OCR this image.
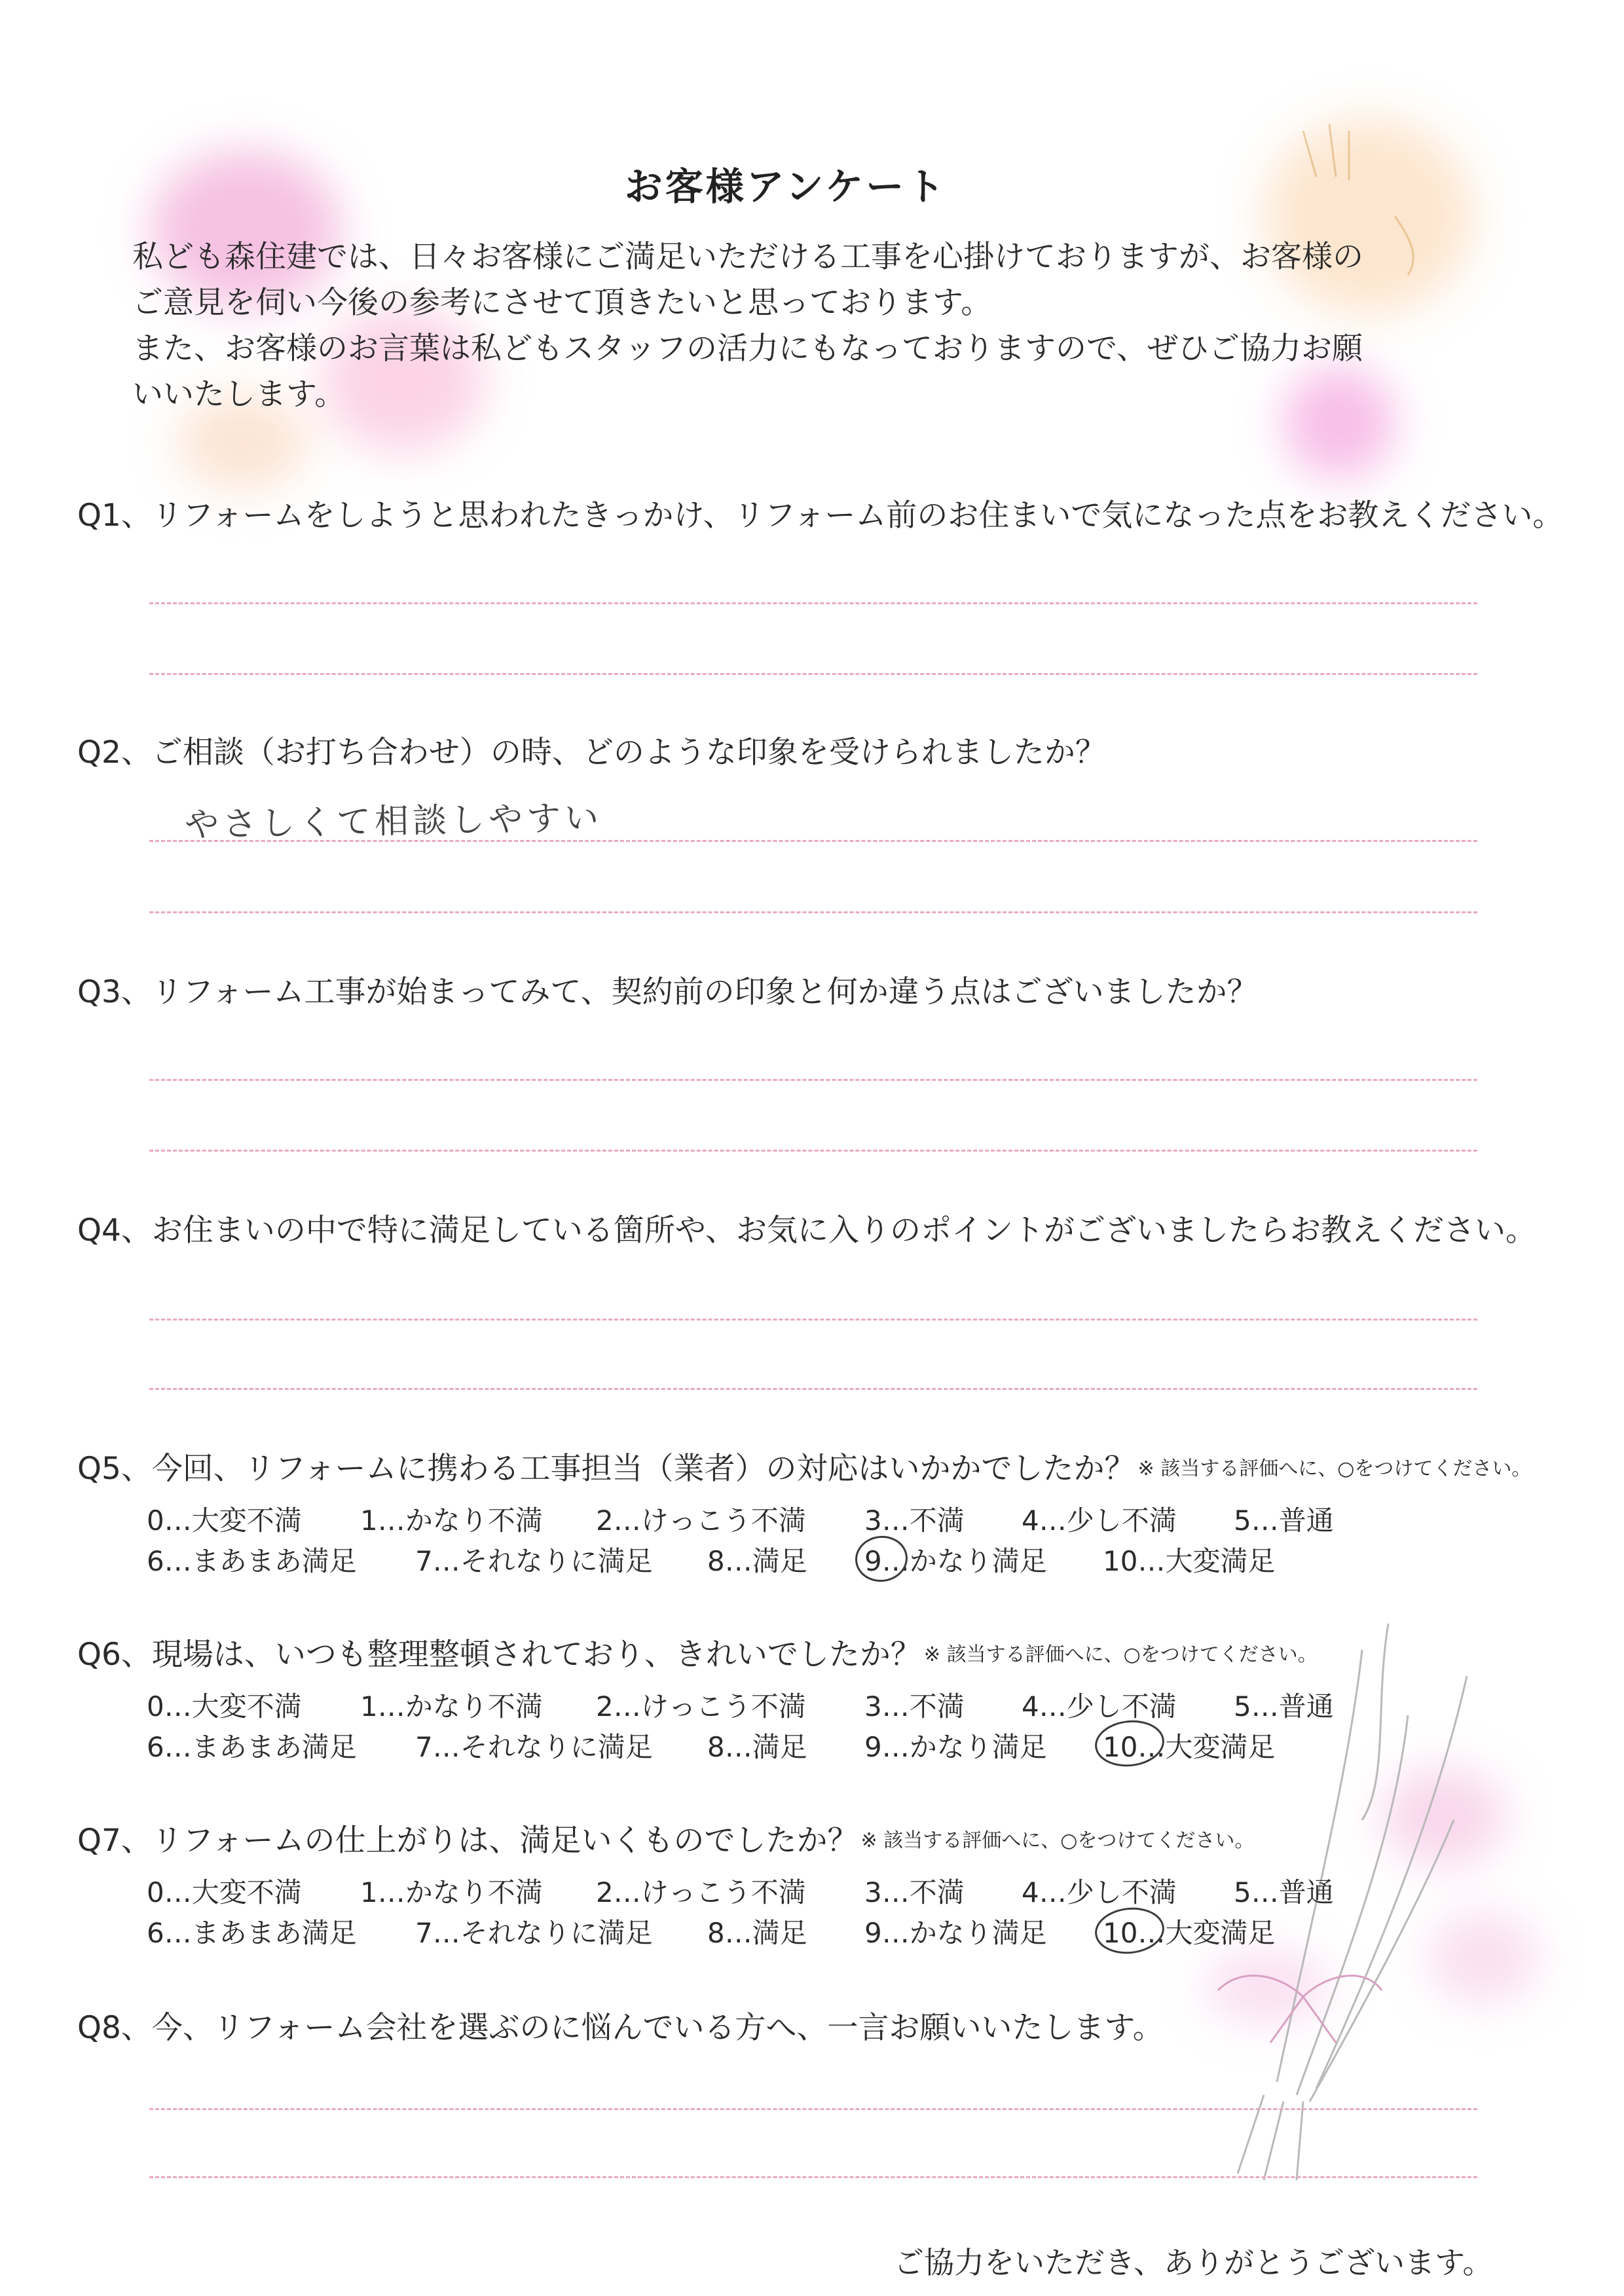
お客様アンケート
私ども森住建では、日々お客様にご満足いただける工事を心掛けておりますが、お客様の
ご意見を伺い今後の参考にさせて頂きたいと思っております。
また、お客様のお言葉は私どもスタッフの活力にもなっておりますので、ぜひご協力お願
いいたします。
Q1、リフォームをしようと思われたきっかけ、リフォーム前のお住まいで気になった点をお教えください。
Q2、ご相談（お打ち合わせ）の時、どのような印象を受けられましたか？
やさしくて相談しやすい
Q3、リフォーム工事が始まってみて、契約前の印象と何か違う点はございましたか？
Q4、お住まいの中で特に満足している箇所や、お気に入りのポイントがございましたらお教えください。
Q5、今回、リフォームに携わる工事担当（業者）の対応はいかかでしたか？ ※ 該当する評価へに、○をつけてください。
0…大変不満 1…かなり不満 2…けっこう不満 3…不満 4…少し不満 5…普通
6…まあまあ満足 7…それなりに満足 8…満足 9…かなり満足 10…大変満足
Q6、現場は、いつも整理整頓されており、きれいでしたか？ ※ 該当する評価へに、○をつけてください。
0…大変不満 1…かなり不満 2…けっこう不満 3…不満 4…少し不満 5…普通
6…まあまあ満足 7…それなりに満足 8…満足 9…かなり満足 10…大変満足
Q7、リフォームの仕上がりは、満足いくものでしたか？ ※ 該当する評価へに、○をつけてください。
0…大変不満 1…かなり不満 2…けっこう不満 3…不満 4…少し不満 5…普通
6…まあまあ満足 7…それなりに満足 8…満足 9…かなり満足 10…大変満足
Q8、今、リフォーム会社を選ぶのに悩んでいる方へ、一言お願いいたします。
ご協力をいただき、ありがとうございます。
